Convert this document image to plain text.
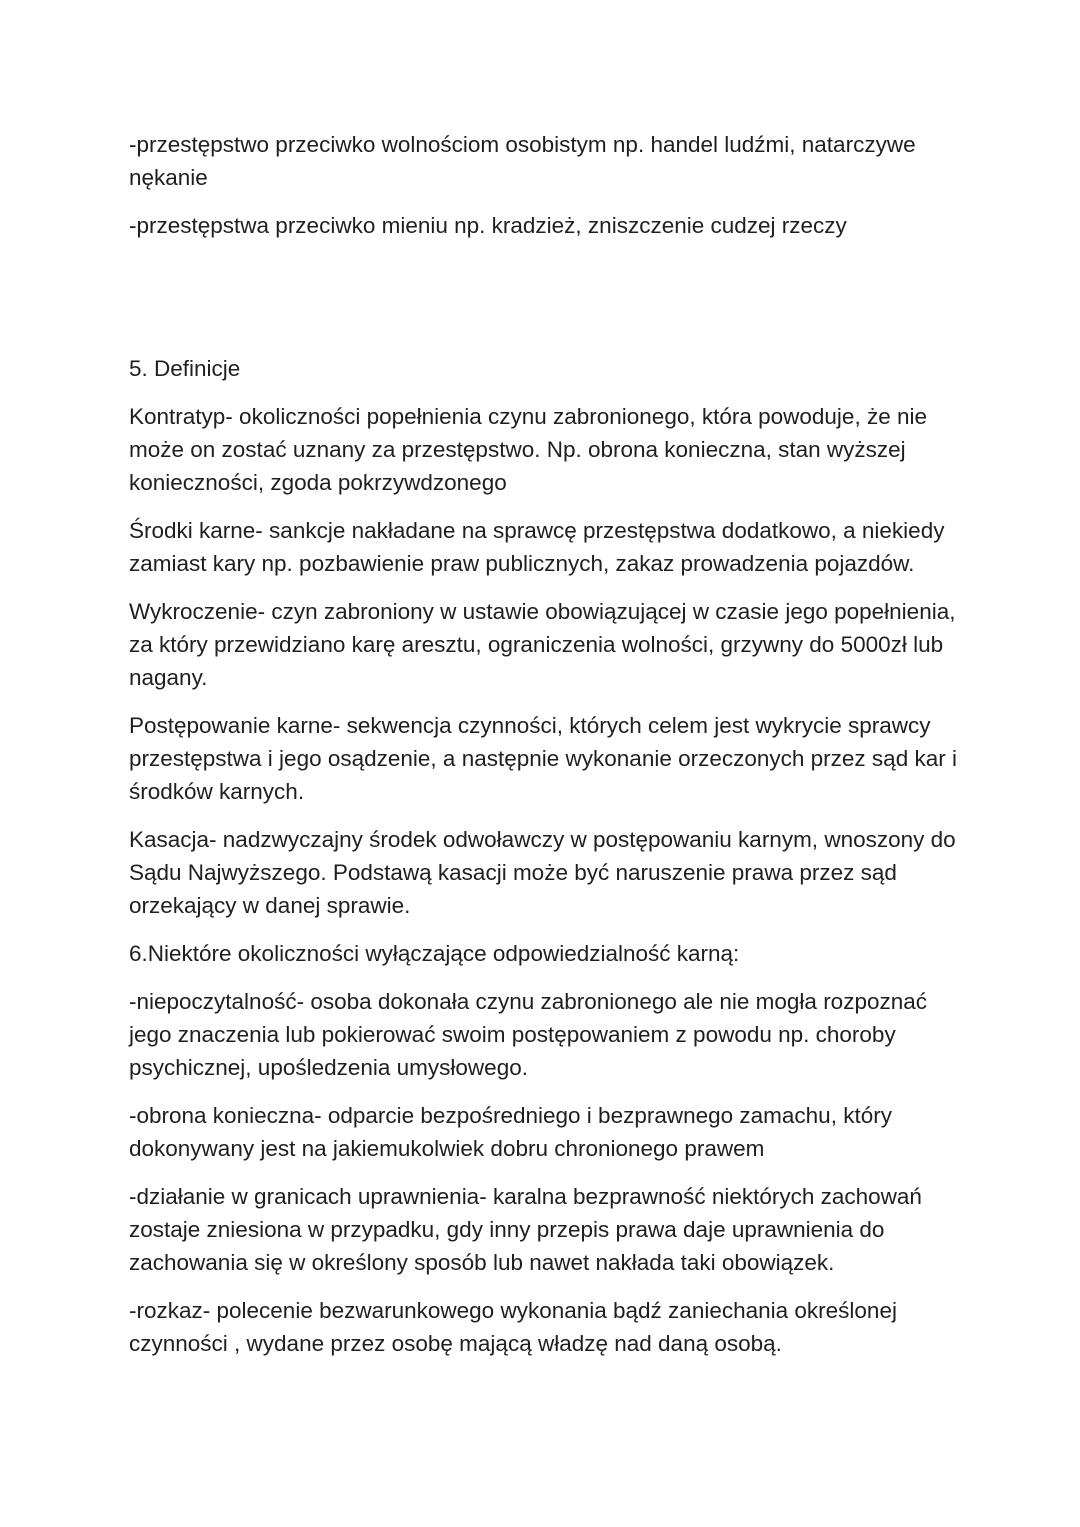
-przestępstwo przeciwko wolnościom osobistym np. handel ludźmi, natarczywe nękanie

-przestępstwa przeciwko mieniu np. kradzież, zniszczenie cudzej rzeczy

5. Definicje

Kontratyp- okoliczności popełnienia czynu zabronionego, która powoduje, że nie może on zostać uznany za przestępstwo. Np. obrona konieczna, stan wyższej konieczności, zgoda pokrzywdzonego

Środki karne- sankcje nakładane na sprawcę przestępstwa dodatkowo, a niekiedy zamiast kary np. pozbawienie praw publicznych, zakaz prowadzenia pojazdów.

Wykroczenie- czyn zabroniony w ustawie obowiązującej w czasie jego popełnienia, za który przewidziano karę aresztu, ograniczenia wolności, grzywny do 5000zł lub nagany.

Postępowanie karne- sekwencja czynności, których celem jest wykrycie sprawcy przestępstwa i jego osądzenie, a następnie wykonanie orzeczonych przez sąd kar i środków karnych.

Kasacja- nadzwyczajny środek odwoławczy w postępowaniu karnym, wnoszony do Sądu Najwyższego. Podstawą kasacji może być naruszenie prawa przez sąd orzekający w danej sprawie.

6.Niektóre okoliczności wyłączające odpowiedzialność karną:

-niepoczytalność- osoba dokonała czynu zabronionego ale nie mogła rozpoznać jego znaczenia lub pokierować swoim postępowaniem z powodu np. choroby psychicznej, upośledzenia umysłowego.

-obrona konieczna- odparcie bezpośredniego i bezprawnego zamachu, który dokonywany jest na jakiemukolwiek dobru chronionego prawem

-działanie w granicach uprawnienia- karalna bezprawność niektórych zachowań zostaje zniesiona w przypadku, gdy inny przepis prawa daje uprawnienia do zachowania się w określony sposób lub nawet nakłada taki obowiązek.

-rozkaz- polecenie bezwarunkowego wykonania bądź zaniechania określonej czynności , wydane przez osobę mającą władzę nad daną osobą.
